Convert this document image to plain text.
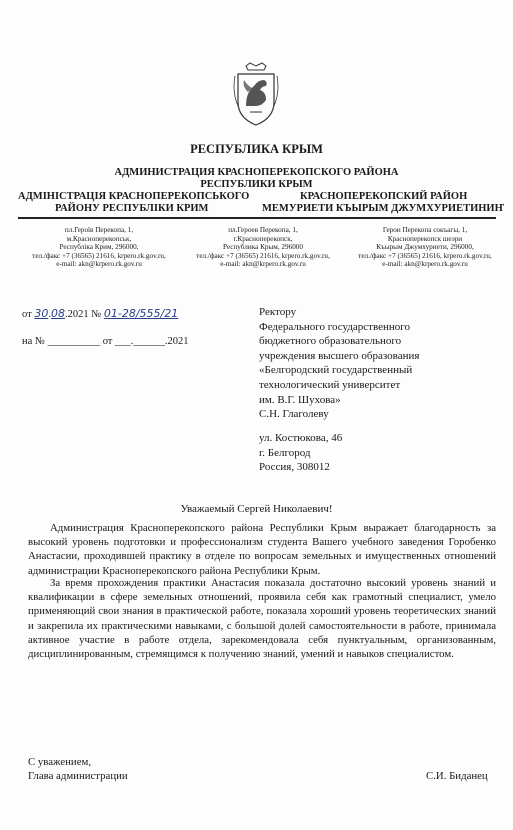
РЕСПУБЛИКА КРЫМ
АДМИНИСТРАЦИЯ КРАСНОПЕРЕКОПСКОГО РАЙОНА
РЕСПУБЛИКИ КРЫМ
АДМІНІСТРАЦІЯ КРАСНОПЕРЕКОПСЬКОГО
РАЙОНУ РЕСПУБЛІКИ КРИМ
КРАСНОПЕРЕКОПСКИЙ РАЙОН
МЕМУРИЕТИ КЪЫРЫМ ДЖУМХУРИЕТИНИҤ
пл.Героїв Перекопа, 1,
м.Красноперекопськ,
Республіка Крим, 296000,
тел./факс +7 (36565) 21616, krpero.rk.gov.ru,
e-mail: akn@krpero.rk.gov.ru
пл.Героев Перекопа, 1,
г.Красноперекопск,
Республика Крым, 296000
тел./факс +7 (36565) 21616, krpero.rk.gov.ru,
e-mail: akn@krpero.rk.gov.ru
Герои Перекопа сокъагы, 1,
Красноперекопск шеэри
Къырым Джумхуриети, 296000,
тел./факс +7 (36565) 21616, krpero.rk.gov.ru,
e-mail: akn@krpero.rk.gov.ru
от 30.08.2021 № 01-28/555/21
на № __________ от ___.______.2021
Ректору
Федерального государственного
бюджетного образовательного
учреждения высшего образования
«Белгородский государственный
технологический университет
им. В.Г. Шухова»
С.Н. Глаголеву
ул. Костюкова, 46
г. Белгород
Россия, 308012
Уважаемый Сергей Николаевич!

Администрация Красноперекопского района Республики Крым выражает благодарность за высокий уровень подготовки и профессионализм студента Вашего учебного заведения Горобенко Анастасии, проходившей практику в отделе по вопросам земельных и имущественных отношений администрации Красноперекопского района Республики Крым.

За время прохождения практики Анастасия показала достаточно высокий уровень знаний и квалификации в сфере земельных отношений, проявила себя как грамотный специалист, умело применяющий свои знания в практической работе, показала хороший уровень теоретических знаний и закрепила их практическими навыками, с большой долей самостоятельности в работе, принимала активное участие в работе отдела, зарекомендовала себя пунктуальным, организованным, дисциплинированным, стремящимся к получению знаний, умений и навыков специалистом.

С уважением,
Глава администрации	С.И. Биданец
